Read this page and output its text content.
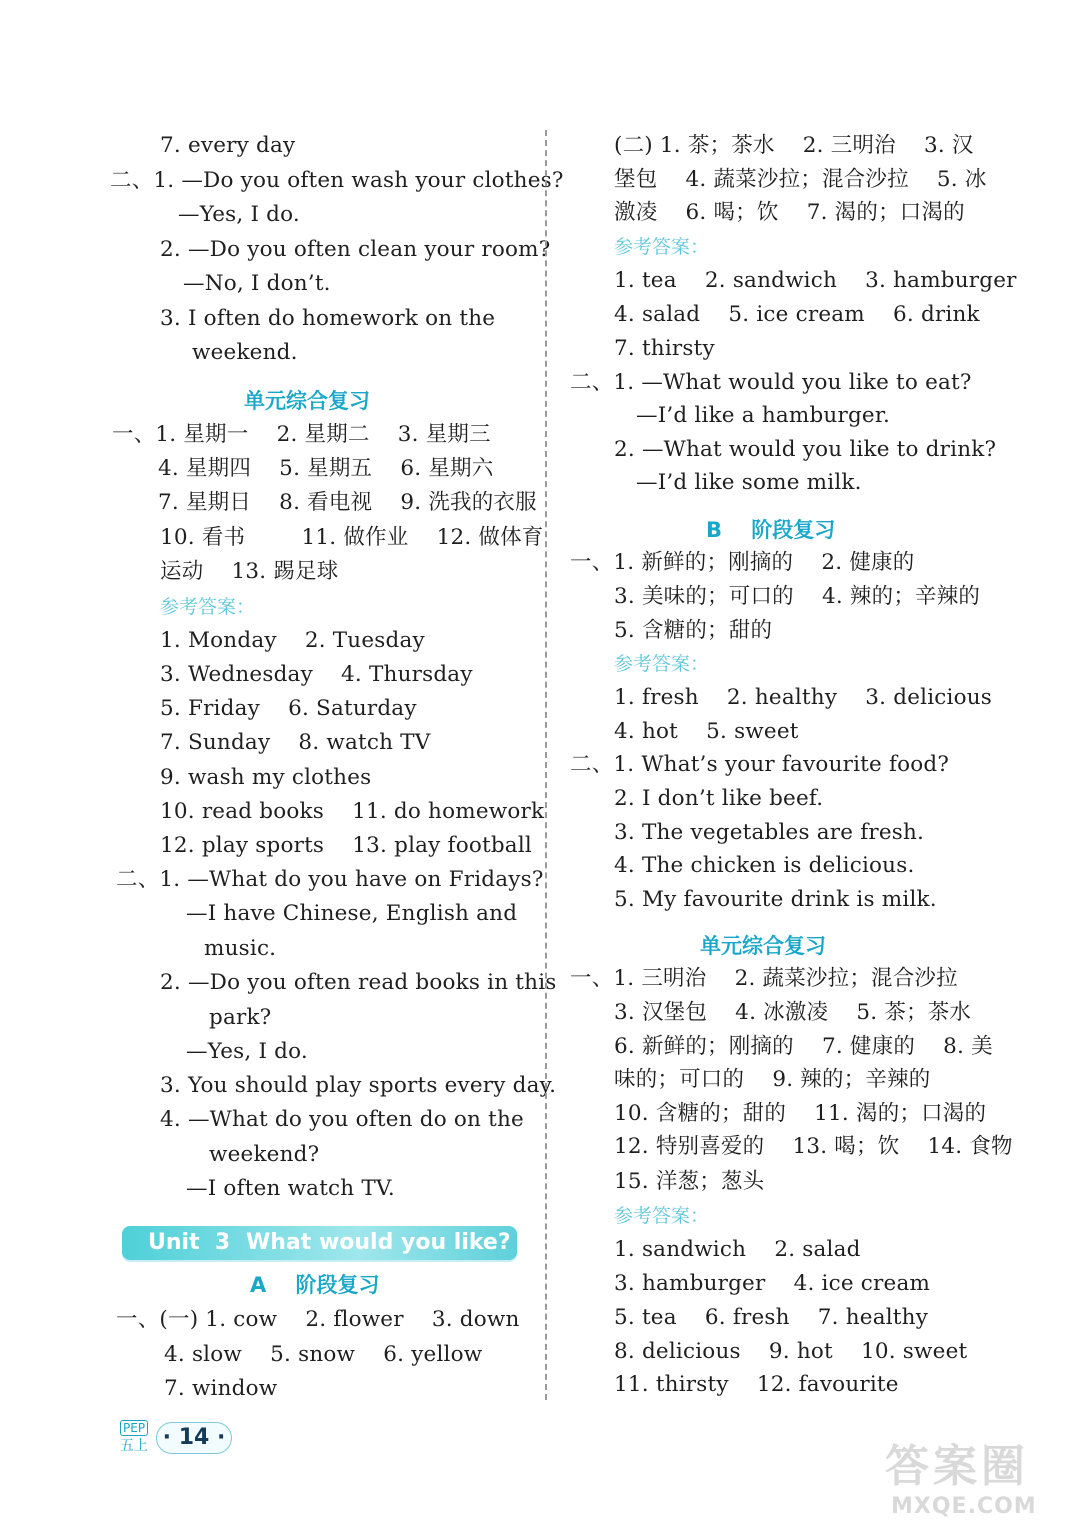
7. every day
二、1. —Do you often wash your clothes?
—Yes, I do.
2. —Do you often clean your room?
—No, I don’t.
3. I often do homework on the
weekend.
单元综合复习
一、1. 星期一    2. 星期二    3. 星期三
4. 星期四    5. 星期五    6. 星期六
7. 星期日    8. 看电视    9. 洗我的衣服
10. 看书        11. 做作业    12. 做体育
运动    13. 踢足球
参考答案：
1. Monday    2. Tuesday
3. Wednesday    4. Thursday
5. Friday    6. Saturday
7. Sunday    8. watch TV
9. wash my clothes
10. read books    11. do homework
12. play sports    13. play football
二、1. —What do you have on Fridays?
—I have Chinese, English and
music.
2. —Do you often read books in this
park?
—Yes, I do.
3. You should play sports every day.
4. —What do you often do on the
weekend?
—I often watch TV.

Unit  3

What would you like?

A    阶段复习
一、(一) 1. cow    2. flower    3. down
4. slow    5. snow    6. yellow
7. window
(二) 1. 茶；茶水    2. 三明治    3. 汉
堡包    4. 蔬菜沙拉；混合沙拉    5. 冰
激凌    6. 喝；饮    7. 渴的；口渴的
参考答案：
1. tea    2. sandwich    3. hamburger
4. salad    5. ice cream    6. drink
7. thirsty
二、1. —What would you like to eat?
—I’d like a hamburger.
2. —What would you like to drink?
—I’d like some milk.
B    阶段复习
一、1. 新鲜的；刚摘的    2. 健康的
3. 美味的；可口的    4. 辣的；辛辣的
5. 含糖的；甜的
参考答案：
1. fresh    2. healthy    3. delicious
4. hot    5. sweet
二、1. What’s your favourite food?
2. I don’t like beef.
3. The vegetables are fresh.
4. The chicken is delicious.
5. My favourite drink is milk.
单元综合复习
一、1. 三明治    2. 蔬菜沙拉；混合沙拉
3. 汉堡包    4. 冰激凌    5. 茶；茶水
6. 新鲜的；刚摘的    7. 健康的    8. 美
味的；可口的    9. 辣的；辛辣的
10. 含糖的；甜的    11. 渴的；口渴的
12. 特别喜爱的    13. 喝；饮    14. 食物
15. 洋葱；葱头
参考答案：
1. sandwich    2. salad
3. hamburger    4. ice cream
5. tea    6. fresh    7. healthy
8. delicious    9. hot    10. sweet
11. thirsty    12. favourite
PEP
五上 · 14 ·
答案圈
MXQE.COM
